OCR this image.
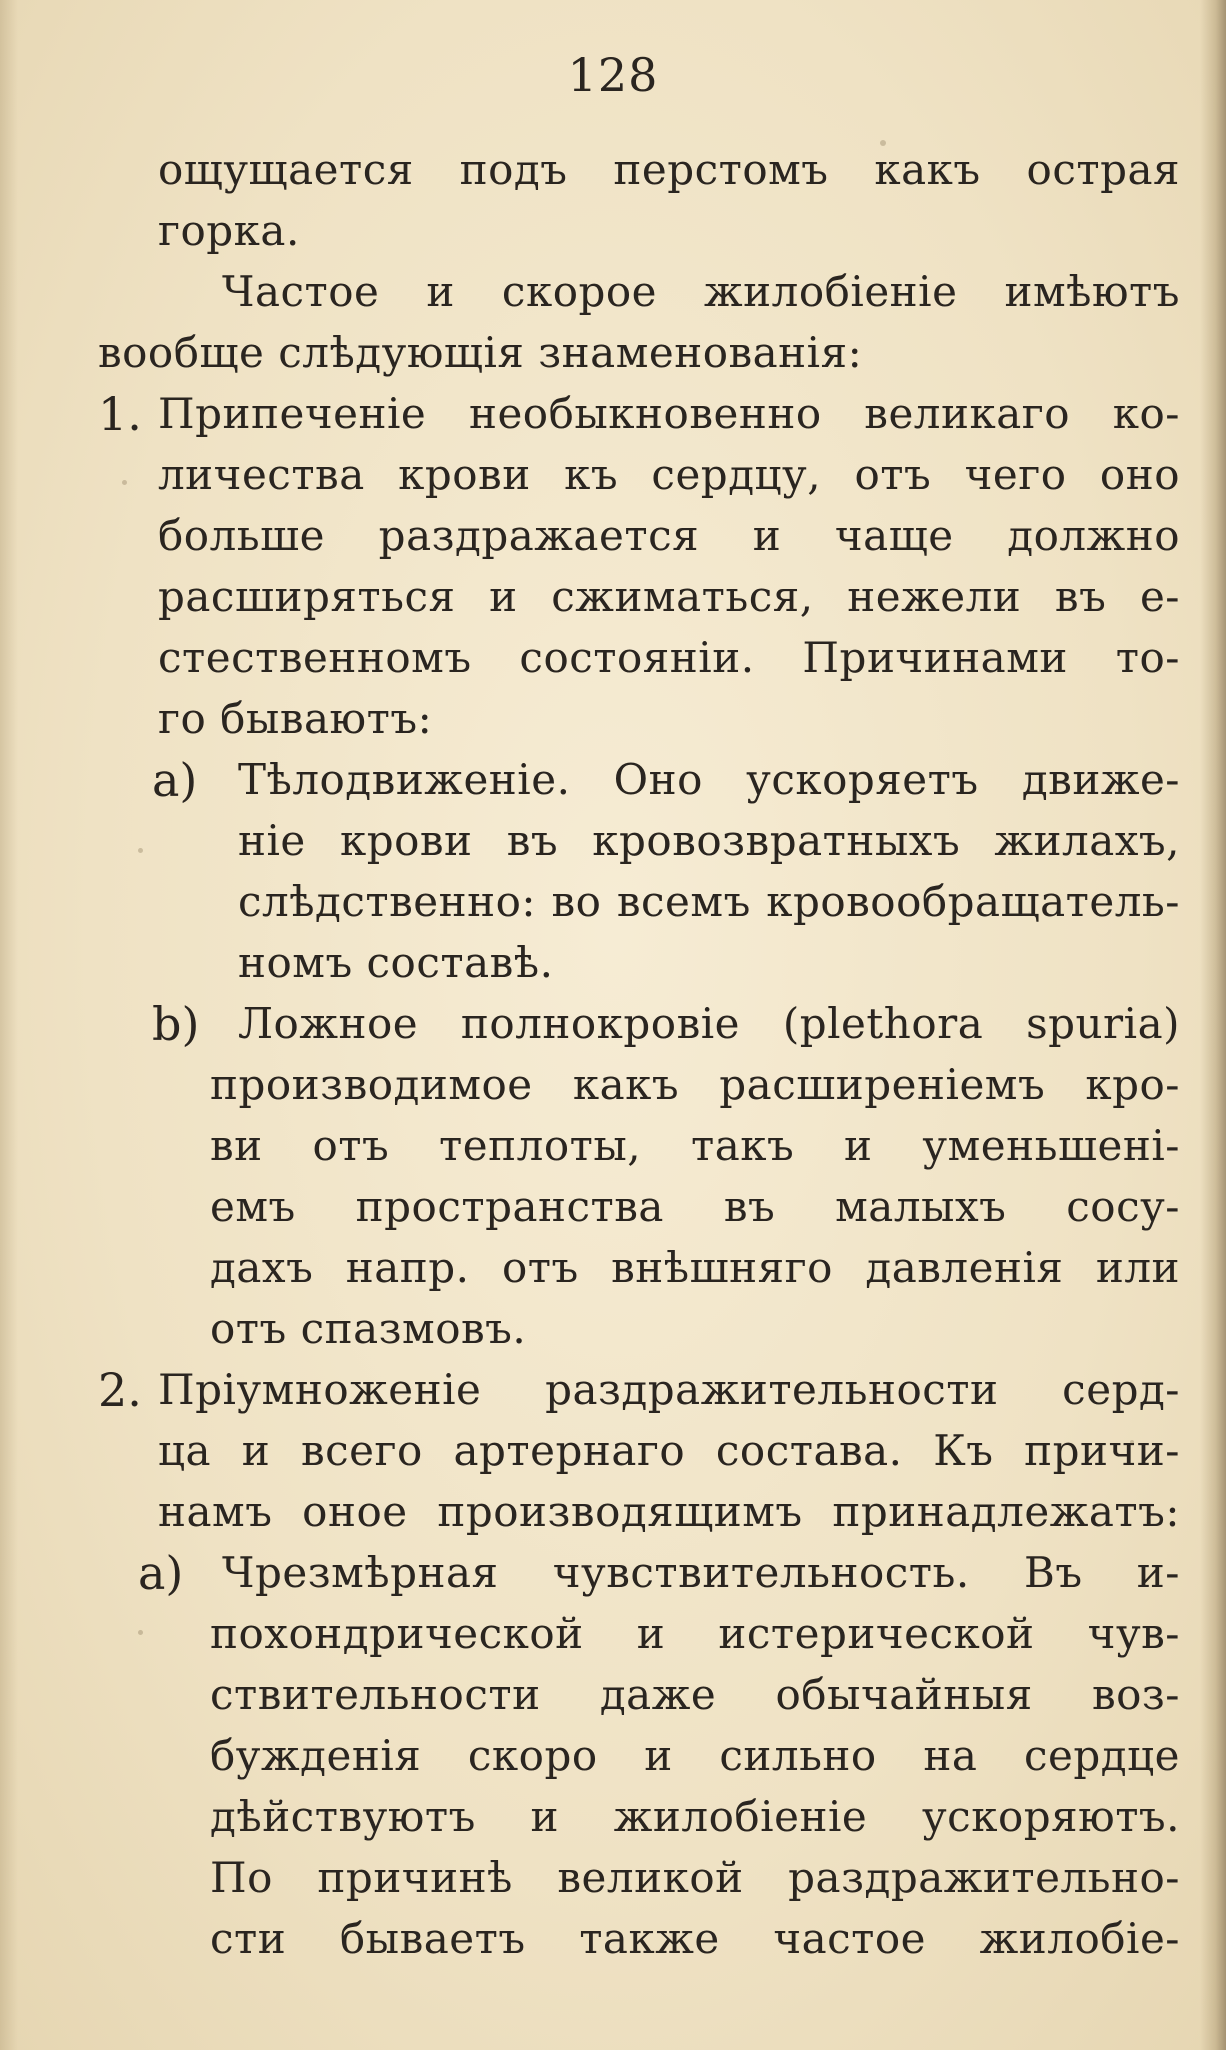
128
ощущается подъ перстомъ какъ острая
горка.
Частое и скорое жилобiенiе имѣютъ
вообще слѣдующiя знаменованiя:
1. Припеченiе необыкновенно великаго ко-
личества крови къ сердцу, отъ чего оно
больше раздражается и чаще должно
расширяться и сжиматься, нежели въ е-
стественномъ состоянiи. Причинами то-
го бываютъ:
a) Тѣлодвиженiе. Оно ускоряетъ движе-
нiе крови въ кровозвратныхъ жилахъ,
слѣдственно: во всемъ кровообращатель-
номъ составѣ.
b) Ложное полнокровiе (plethora spuria)
производимое какъ расширенiемъ кро-
ви отъ теплоты, такъ и уменьшенi-
емъ пространства въ малыхъ сосу-
дахъ напр. отъ внѣшняго давленiя или
отъ спазмовъ.
2. Прiумноженiе раздражительности серд-
ца и всего артернаго состава. Къ причи-
намъ оное производящимъ принадлежатъ:
a) Чрезмѣрная чувствительность. Въ и-
похондрической и истерической чув-
ствительности даже обычайныя воз-
бужденiя скоро и сильно на сердце
дѣйствуютъ и жилобiенiе ускоряютъ.
По причинѣ великой раздражительно-
сти бываетъ также частое жилобiе-
